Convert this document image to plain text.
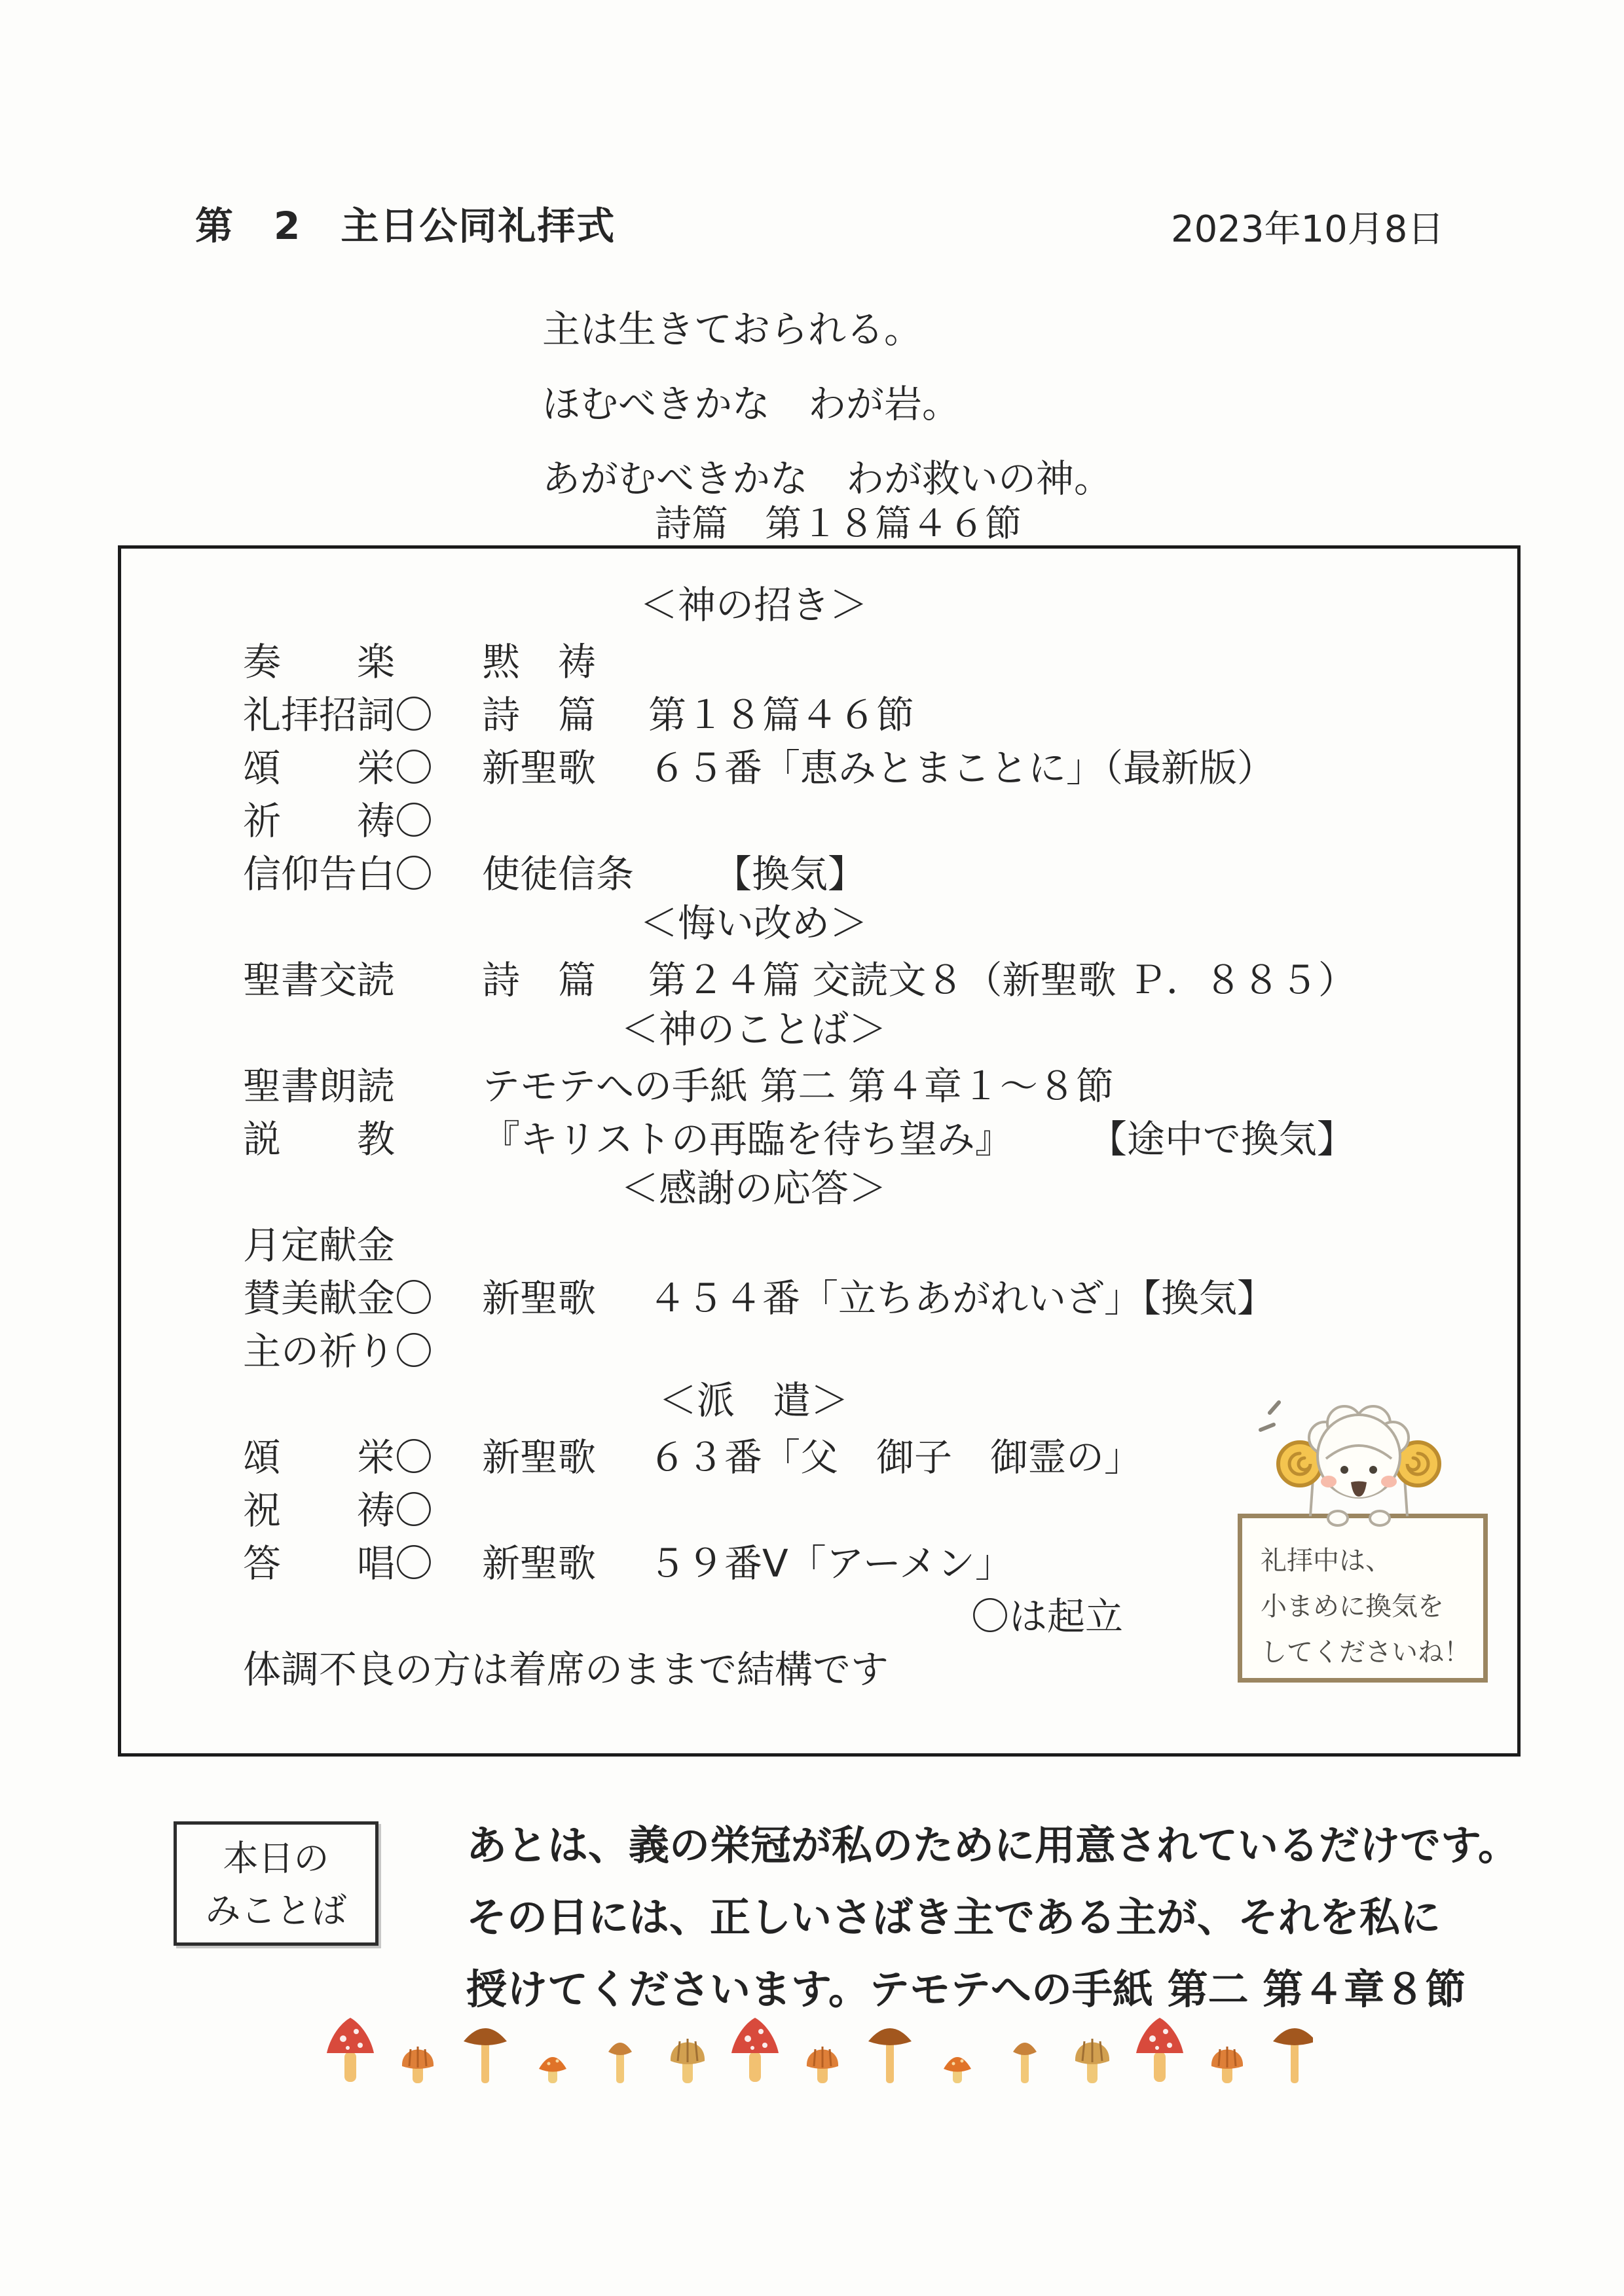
第　2　主日公同礼拝式	2023年10月8日
主は生きておられる。
ほむべきかな　わが岩。
あがむべきかな　わが救いの神。
詩篇　第１８篇４６節
＜神の招き＞
奏　　楽	黙　祷
礼拝招詞〇	詩　篇	第１８篇４６節
頌　　栄〇	新聖歌	６５番「恵みとまことに」（最新版）
祈　　祷〇
信仰告白〇	使徒信条	【換気】
＜悔い改め＞
聖書交読	詩　篇	第２４篇 交読文８（新聖歌 Ｐ．８８５）
＜神のことば＞
聖書朗読	テモテへの手紙 第二 第４章１～８節
説　　教	『キリストの再臨を待ち望み』　　　【途中で換気】
＜感謝の応答＞
月定献金
賛美献金〇	新聖歌	４５４番「立ちあがれいざ」【換気】
主の祈り〇
＜派　遣＞
頌　　栄〇	新聖歌	６３番「父　御子　御霊の」
祝　　祷〇
答　　唱〇	新聖歌	５９番Ⅴ「アーメン」
〇は起立
体調不良の方は着席のままで結構です
礼拝中は、
小まめに換気を
してくださいね！
本日の
みことば
あとは、義の栄冠が私のために用意されているだけです。
その日には、正しいさばき主である主が、それを私に
授けてくださいます。テモテへの手紙 第二 第４章８節
